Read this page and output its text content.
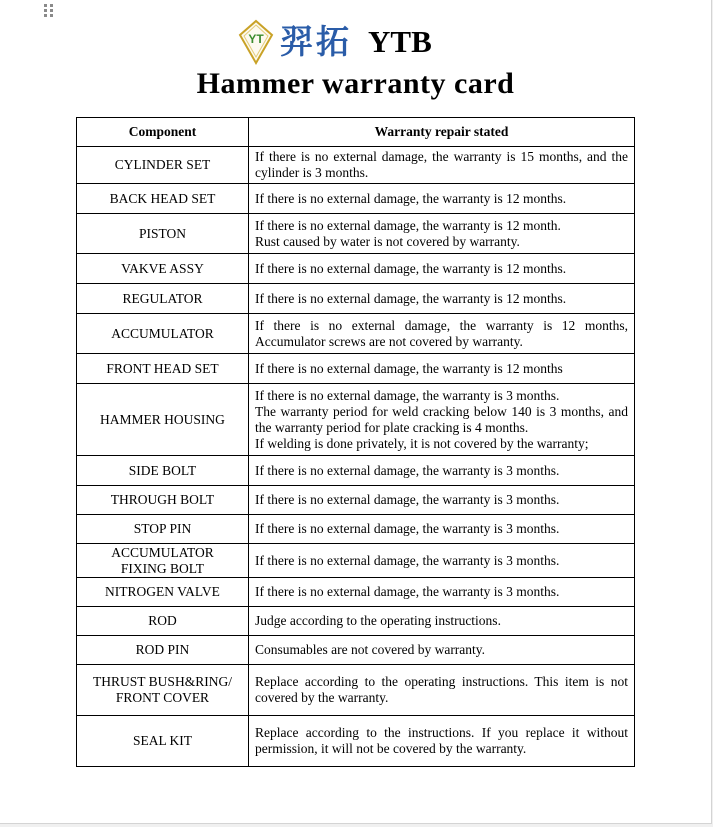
YT 羿拓 YTB
Hammer warranty card
Component	Warranty repair stated

CYLINDER SET	If there is no external damage, the warranty is 15 months, and the cylinder is 3 months.

BACK HEAD SET	If there is no external damage, the warranty is 12 months.

PISTON	If there is no external damage, the warranty is 12 month.
Rust caused by water is not covered by warranty.

VAKVE ASSY	If there is no external damage, the warranty is 12 months.

REGULATOR	If there is no external damage, the warranty is 12 months.

ACCUMULATOR	If there is no external damage, the warranty is 12 months, Accumulator screws are not covered by warranty.

FRONT HEAD SET	If there is no external damage, the warranty is 12 months

HAMMER HOUSING	If there is no external damage, the warranty is 3 months.
The warranty period for weld cracking below 140 is 3 months, and the warranty period for plate cracking is 4 months.
If welding is done privately, it is not covered by the warranty;

SIDE BOLT	If there is no external damage, the warranty is 3 months.

THROUGH BOLT	If there is no external damage, the warranty is 3 months.

STOP PIN	If there is no external damage, the warranty is 3 months.

ACCUMULATOR
FIXING BOLT	If there is no external damage, the warranty is 3 months.

NITROGEN VALVE	If there is no external damage, the warranty is 3 months.

ROD	Judge according to the operating instructions.

ROD PIN	Consumables are not covered by warranty.

THRUST BUSH&RING/
FRONT COVER	Replace according to the operating instructions. This item is not covered by the warranty.

SEAL KIT	Replace according to the instructions. If you replace it without permission, it will not be covered by the warranty.
